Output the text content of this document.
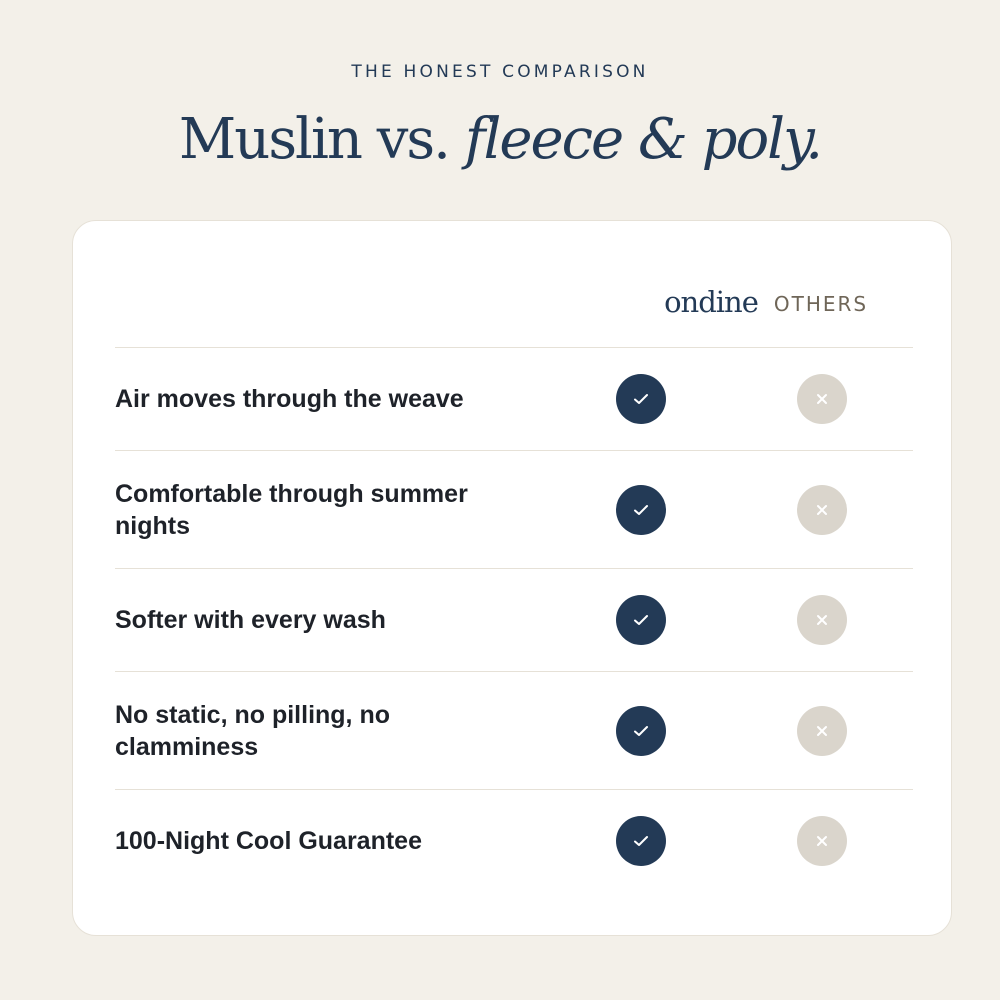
THE HONEST COMPARISON
Muslin vs. fleece & poly.
ondine OTHERS
Air moves through the weave
Comfortable through summer nights
Softer with every wash
No static, no pilling, no clamminess
100-Night Cool Guarantee
